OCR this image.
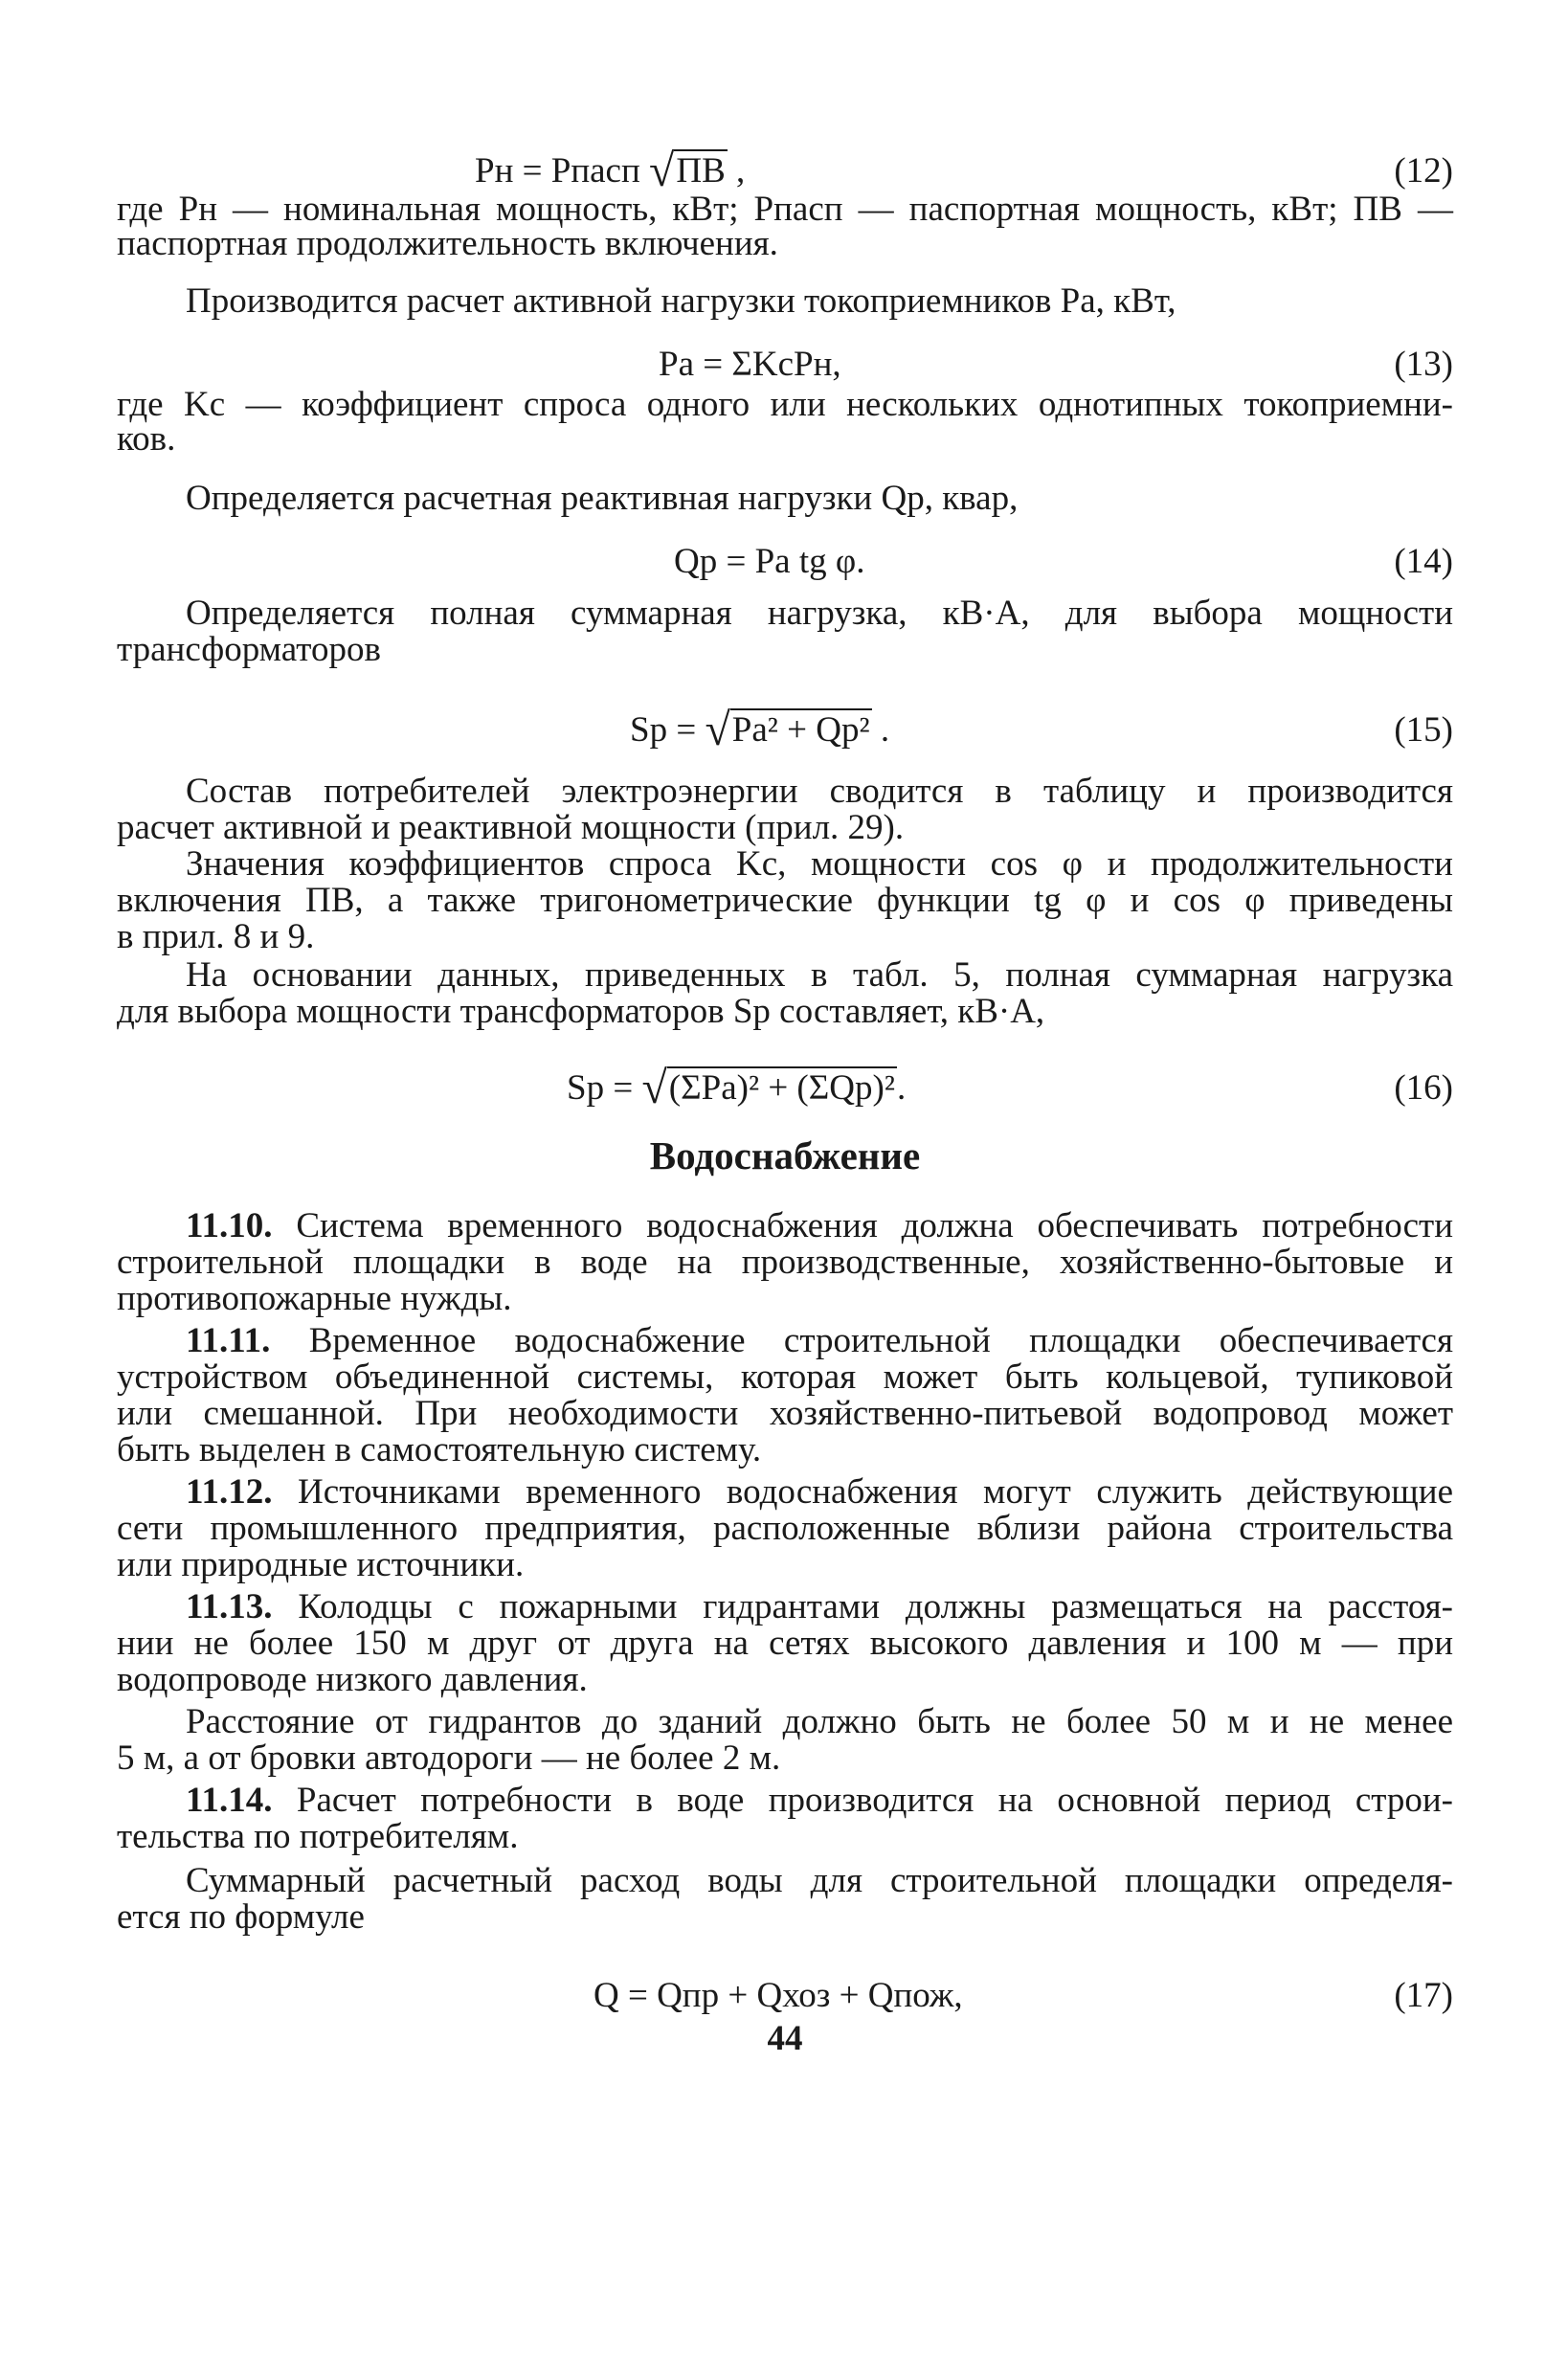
Pн = Pпасп √ПВ ,	(12)
где Pн — номинальная мощность, кВт; Pпасп — паспортная мощность, кВт; ПВ —
паспортная продолжительность включения.
Производится расчет активной нагрузки токоприемников Pа, кВт,
Pа = ΣKсPн,	(13)
где Kс — коэффициент спроса одного или нескольких однотипных токоприемни-
ков.
Определяется расчетная реактивная нагрузки Qр, квар,
Qр = Pа tg φ.	(14)
Определяется полная суммарная нагрузка, кВ·А, для выбора мощности
трансформаторов
Sр = √Pа² + Qр² .	(15)
Состав потребителей электроэнергии сводится в таблицу и производится
расчет активной и реактивной мощности (прил. 29).
Значения коэффициентов спроса Kс, мощности cos φ и продолжительности
включения ПВ, а также тригонометрические функции tg φ и cos φ приведены
в прил. 8 и 9.
На основании данных, приведенных в табл. 5, полная суммарная нагрузка
для выбора мощности трансформаторов Sр составляет, кВ·А,
Sр = √(ΣPа)² + (ΣQр)².	(16)
Водоснабжение
11.10. Система временного водоснабжения должна обеспечивать потребности
строительной площадки в воде на производственные, хозяйственно-бытовые и
противопожарные нужды.
11.11. Временное водоснабжение строительной площадки обеспечивается
устройством объединенной системы, которая может быть кольцевой, тупиковой
или смешанной. При необходимости хозяйственно-питьевой водопровод может
быть выделен в самостоятельную систему.
11.12. Источниками временного водоснабжения могут служить действующие
сети промышленного предприятия, расположенные вблизи района строительства
или природные источники.
11.13. Колодцы с пожарными гидрантами должны размещаться на расстоя-
нии не более 150 м друг от друга на сетях высокого давления и 100 м — при
водопроводе низкого давления.
Расстояние от гидрантов до зданий должно быть не более 50 м и не менее
5 м, а от бровки автодороги — не более 2 м.
11.14. Расчет потребности в воде производится на основной период строи-
тельства по потребителям.
Суммарный расчетный расход воды для строительной площадки определя-
ется по формуле
Q = Qпр + Qхоз + Qпож,	(17)
44
